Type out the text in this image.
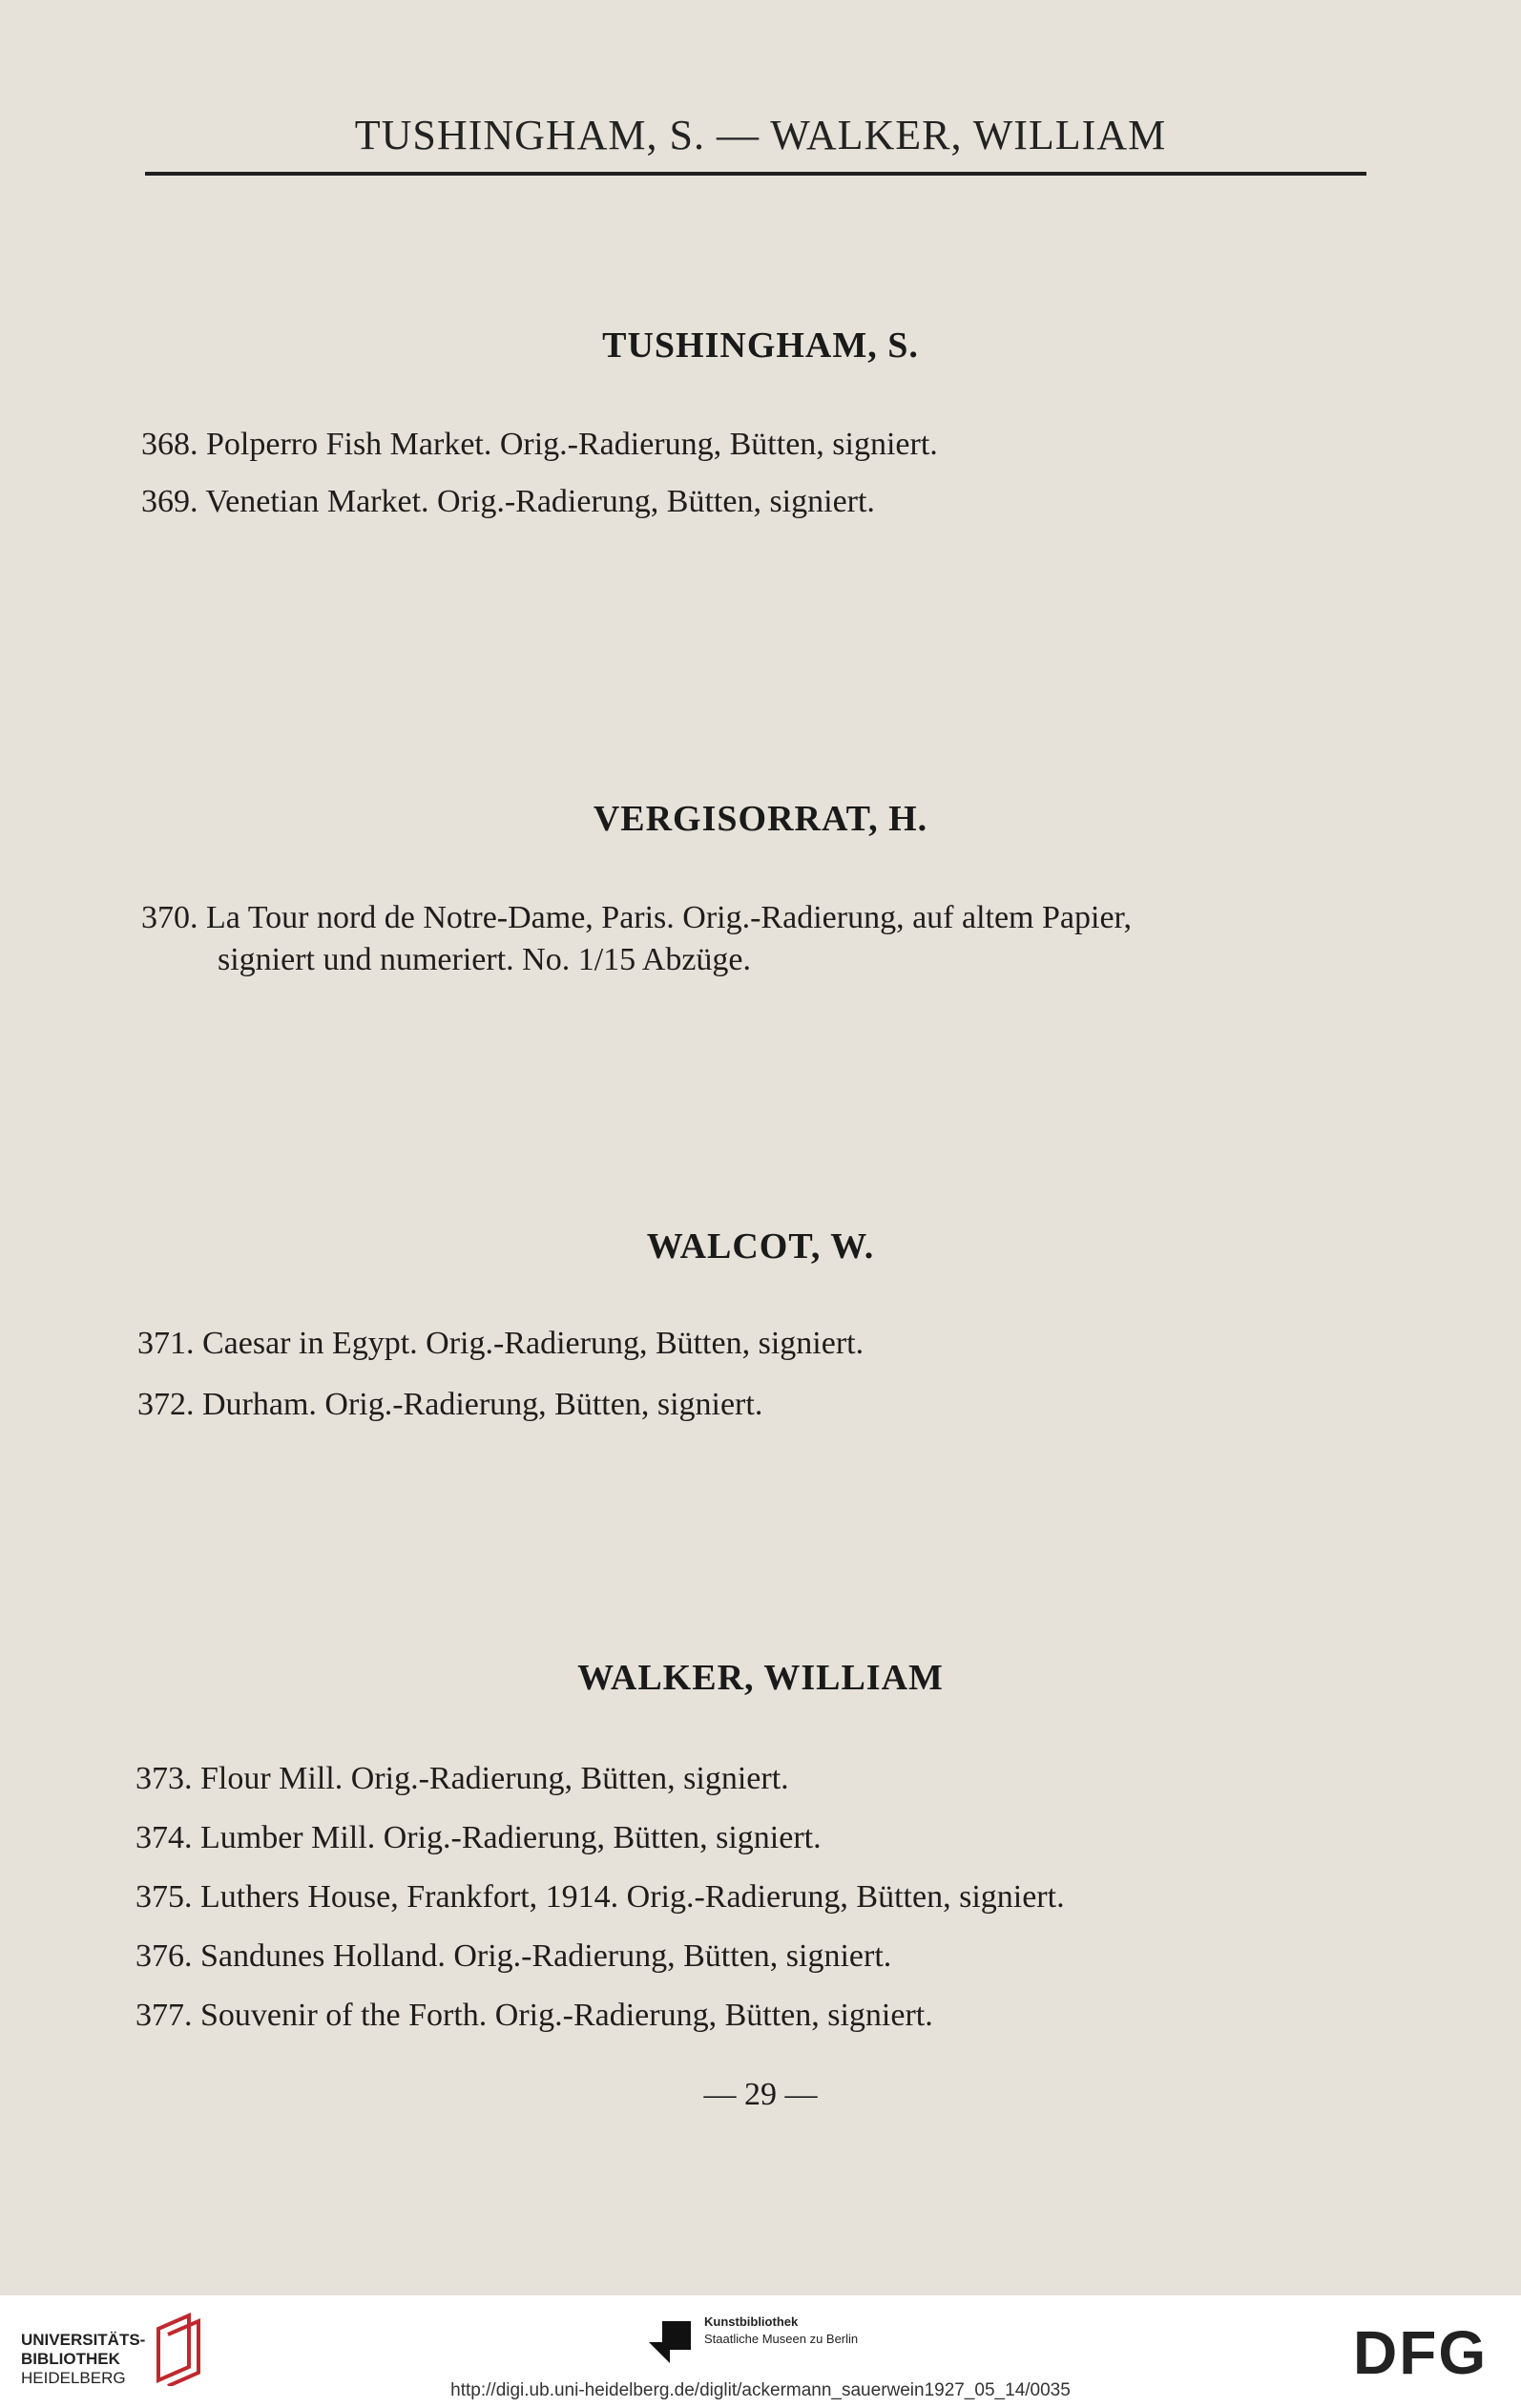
TUSHINGHAM, S. — WALKER, WILLIAM
TUSHINGHAM, S.
368. Polperro Fish Market. Orig.-Radierung, Bütten, signiert.
369. Venetian Market. Orig.-Radierung, Bütten, signiert.
VERGISORRAT, H.
370. La Tour nord de Notre-Dame, Paris. Orig.-Radierung, auf altem Papier,
signiert und numeriert. No. 1/15 Abzüge.
WALCOT, W.
371. Caesar in Egypt. Orig.-Radierung, Bütten, signiert.
372. Durham. Orig.-Radierung, Bütten, signiert.
WALKER, WILLIAM
373. Flour Mill. Orig.-Radierung, Bütten, signiert.
374. Lumber Mill. Orig.-Radierung, Bütten, signiert.
375. Luthers House, Frankfort, 1914. Orig.-Radierung, Bütten, signiert.
376. Sandunes Holland. Orig.-Radierung, Bütten, signiert.
377. Souvenir of the Forth. Orig.-Radierung, Bütten, signiert.
— 29 —
UNIVERSITÄTS-
BIBLIOTHEK
HEIDELBERG
Kunstbibliothek
Staatliche Museen zu Berlin	DFG
http://digi.ub.uni-heidelberg.de/diglit/ackermann_sauerwein1927_05_14/0035
